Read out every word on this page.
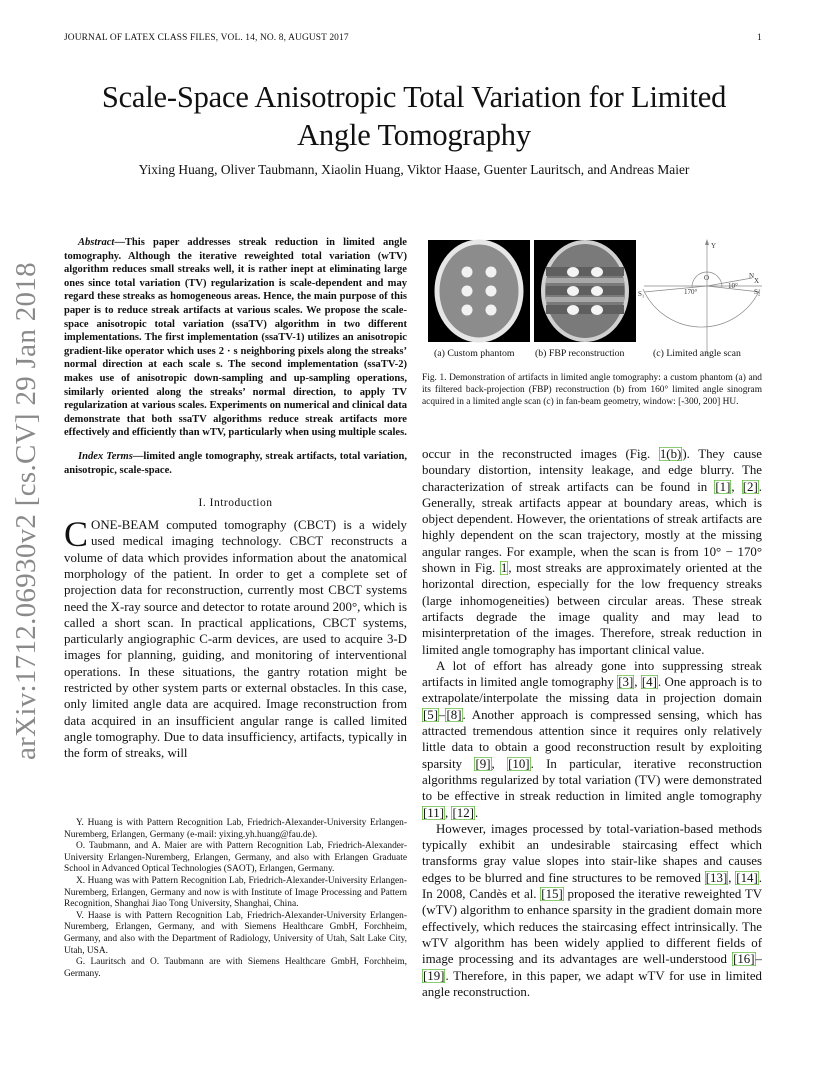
JOURNAL OF LATEX CLASS FILES, VOL. 14, NO. 8, AUGUST 2017	1
Scale-Space Anisotropic Total Variation for Limited
Angle Tomography
Yixing Huang, Oliver Taubmann, Xiaolin Huang, Viktor Haase, Guenter Lauritsch, and Andreas Maier
arXiv:1712.06930v2 [cs.CV] 29 Jan 2018

Abstract—This paper addresses streak reduction in limited angle tomography. Although the iterative reweighted total variation (wTV) algorithm reduces small streaks well, it is rather inept at eliminating large ones since total variation (TV) regularization is scale-dependent and may regard these streaks as homogeneous areas. Hence, the main purpose of this paper is to reduce streak artifacts at various scales. We propose the scale-space anisotropic total variation (ssaTV) algorithm in two different implementations. The first implementation (ssaTV-1) utilizes an anisotropic gradient-like operator which uses 2 · s neighboring pixels along the streaks’ normal direction at each scale s. The second implementation (ssaTV-2) makes use of anisotropic down-sampling and up-sampling operations, similarly oriented along the streaks’ normal direction, to apply TV regularization at various scales. Experiments on numerical and clinical data demonstrate that both ssaTV algorithms reduce streak artifacts more effectively and efficiently than wTV, particularly when using multiple scales.

Index Terms—limited angle tomography, streak artifacts, total variation, anisotropic, scale-space.

I. Introduction

CONE-BEAM computed tomography (CBCT) is a widely used medical imaging technology. CBCT reconstructs a volume of data which provides information about the anatomical morphology of the patient. In order to get a complete set of projection data for reconstruction, currently most CBCT systems need the X-ray source and detector to rotate around 200°, which is called a short scan. In practical applications, CBCT systems, particularly angiographic C-arm devices, are used to acquire 3-D images for planning, guiding, and monitoring of interventional operations. In these situations, the gantry rotation might be restricted by other system parts or external obstacles. In this case, only limited angle data are acquired. Image reconstruction from data acquired in an insufficient angular range is called limited angle tomography. Due to data insufficiency, artifacts, typically in the form of streaks, will

Y. Huang is with Pattern Recognition Lab, Friedrich-Alexander-University Erlangen-Nuremberg, Erlangen, Germany (e-mail: yixing.yh.huang@fau.de).

O. Taubmann, and A. Maier are with Pattern Recognition Lab, Friedrich-Alexander-University Erlangen-Nuremberg, Erlangen, Germany, and also with Erlangen Graduate School in Advanced Optical Technologies (SAOT), Erlangen, Germany.

X. Huang was with Pattern Recognition Lab, Friedrich-Alexander-University Erlangen-Nuremberg, Erlangen, Germany and now is with Institute of Image Processing and Pattern Recognition, Shanghai Jiao Tong University, Shanghai, China.

V. Haase is with Pattern Recognition Lab, Friedrich-Alexander-University Erlangen-Nuremberg, Erlangen, Germany, and with Siemens Healthcare GmbH, Forchheim, Germany, and also with the Department of Radiology, University of Utah, Salt Lake City, Utah, USA.

G. Lauritsch and O. Taubmann are with Siemens Healthcare GmbH, Forchheim, Germany.

Y
X
N
O
S₁	S₂
170°
10°
(a) Custom phantom (b) FBP reconstruction	(c) Limited angle scan
Fig. 1. Demonstration of artifacts in limited angle tomography: a custom phantom (a) and its filtered back-projection (FBP) reconstruction (b) from 160° limited angle sinogram acquired in a limited angle scan (c) in fan-beam geometry, window: [-300, 200] HU.

occur in the reconstructed images (Fig. 1(b)). They cause boundary distortion, intensity leakage, and edge blurry. The characterization of streak artifacts can be found in [1], [2]. Generally, streak artifacts appear at boundary areas, which is object dependent. However, the orientations of streak artifacts are highly dependent on the scan trajectory, mostly at the missing angular ranges. For example, when the scan is from 10° − 170° shown in Fig. 1, most streaks are approximately oriented at the horizontal direction, especially for the low frequency streaks (large inhomogeneities) between circular areas. These streak artifacts degrade the image quality and may lead to misinterpretation of the images. Therefore, streak reduction in limited angle tomography has important clinical value.

A lot of effort has already gone into suppressing streak artifacts in limited angle tomography [3], [4]. One approach is to extrapolate/interpolate the missing data in projection domain [5]–[8]. Another approach is compressed sensing, which has attracted tremendous attention since it requires only relatively little data to obtain a good reconstruction result by exploiting sparsity [9], [10]. In particular, iterative reconstruction algorithms regularized by total variation (TV) were demonstrated to be effective in streak reduction in limited angle tomography [11], [12].

However, images processed by total-variation-based methods typically exhibit an undesirable staircasing effect which transforms gray value slopes into stair-like shapes and causes edges to be blurred and fine structures to be removed [13], [14]. In 2008, Candès et al. [15] proposed the iterative reweighted TV (wTV) algorithm to enhance sparsity in the gradient domain more effectively, which reduces the staircasing effect intrinsically. The wTV algorithm has been widely applied to different fields of image processing and its advantages are well-understood [16]–[19]. Therefore, in this paper, we adapt wTV for use in limited angle reconstruction.
